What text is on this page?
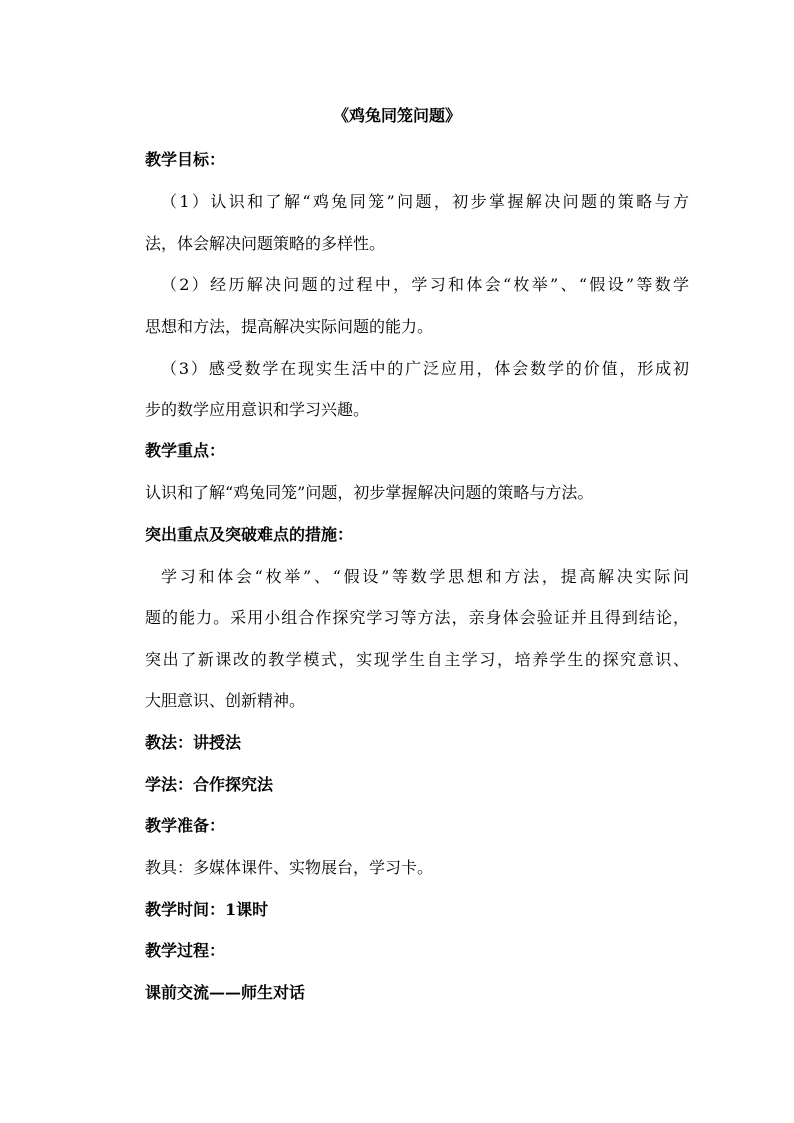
《鸡兔同笼问题》
教学目标：
（1）认识和了解“鸡兔同笼”问题，初步掌握解决问题的策略与方
法，体会解决问题策略的多样性。
（2）经历解决问题的过程中，学习和体会“枚举”、“假设”等数学
思想和方法，提高解决实际问题的能力。
（3）感受数学在现实生活中的广泛应用，体会数学的价值，形成初
步的数学应用意识和学习兴趣。
教学重点：
认识和了解“鸡兔同笼”问题，初步掌握解决问题的策略与方法。
突出重点及突破难点的措施：
学习和体会“枚举”、“假设”等数学思想和方法，提高解决实际问
题的能力。采用小组合作探究学习等方法，亲身体会验证并且得到结论，
突出了新课改的教学模式，实现学生自主学习，培养学生的探究意识、
大胆意识、创新精神。
教法：讲授法
学法：合作探究法
教学准备：
教具：多媒体课件、实物展台，学习卡。
教学时间：1课时
教学过程：
课前交流——师生对话
